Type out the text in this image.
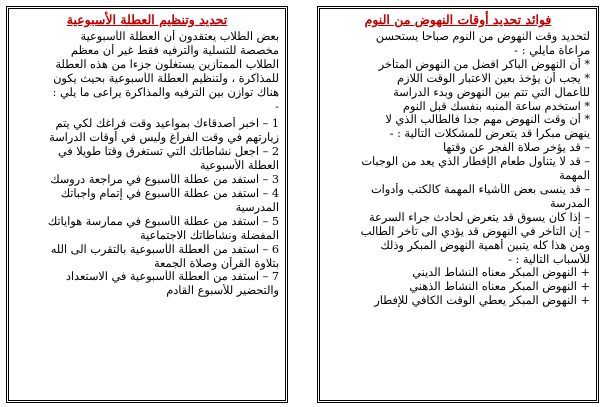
فوائد تحديد أوقات النهوض من النوم
لتحديد وقت النهوض من النوم صباحا يستحسن
مراعاة مايلي : -
* أن النهوض الباكر افضل من النهوض المتأخر
* يجب أن يؤخذ بعين الاعتبار الوقت اللازم
للأعمال التي تتم بين النهوض وبدء الدراسة
* استخدم ساعة المنبه بنفسك قبل النوم
* أن وقت النهوض مهم جدا فالطالب الذي لا
ينهض مبكرا قد يتعرض للمشكلات التالية : -
– قد يؤخر صلاة الفجر عن وقتها
– قد لا يتناول طعام الإفطار الذي يعد من الوجبات
المهمة
– قد ينسى بعض الأشياء المهمة كالكتب وأدوات
المدرسة
– إذا كان يسوق قد يتعرض لحادث جراء السرعة
– إن التأخر في النهوض قد يؤدي الى تأخر الطالب
ومن هذا كله يتبين أهمية النهوض المبكر وذلك
للأسباب التالية : -
+ النهوض المبكر معناه النشاط الديني
+ النهوض المبكر معناه النشاط الذهني
+ النهوض المبكر يعطي الوقت الكافي للإفطار
تحديد وتنظيم العطلة الأسبوعية
بعض الطلاب يعتقدون أن العطلة الأسبوعية
مخصصة للتسلية والترفيه فقط غير أن معظم
الطلاب الممتازين يستغلون جزءا من هذه العطلة
للمذاكرة ، ولتنظيم العطلة الأسبوعية بحيث يكون
هناك توازن بين الترفيه والمذاكرة يراعى ما يلي :
-
1 – اخبر أصدقاءك بمواعيد وقت فراغك لكي يتم
زيارتهم في وقت الفراغ وليس في أوقات الدراسة
2 – اجعل نشاطاتك التي تستغرق وقتا طويلا في
العطلة الأسبوعية
3 – استفد من عطلة الأسبوع في مراجعة دروسك
4 – استفد من عطلة الأسبوع في إتمام واجباتك
المدرسية
5 – استفد من عطلة الأسبوع في ممارسة هواياتك
المفضلة ونشاطاتك الاجتماعية
6 – استفد من العطلة الأسبوعية بالتقرب الى الله
بتلاوة القرآن وصلاة الجمعة
7 – استفد من العطلة الأسبوعية في الاستعداد
والتحضير للأسبوع القادم
